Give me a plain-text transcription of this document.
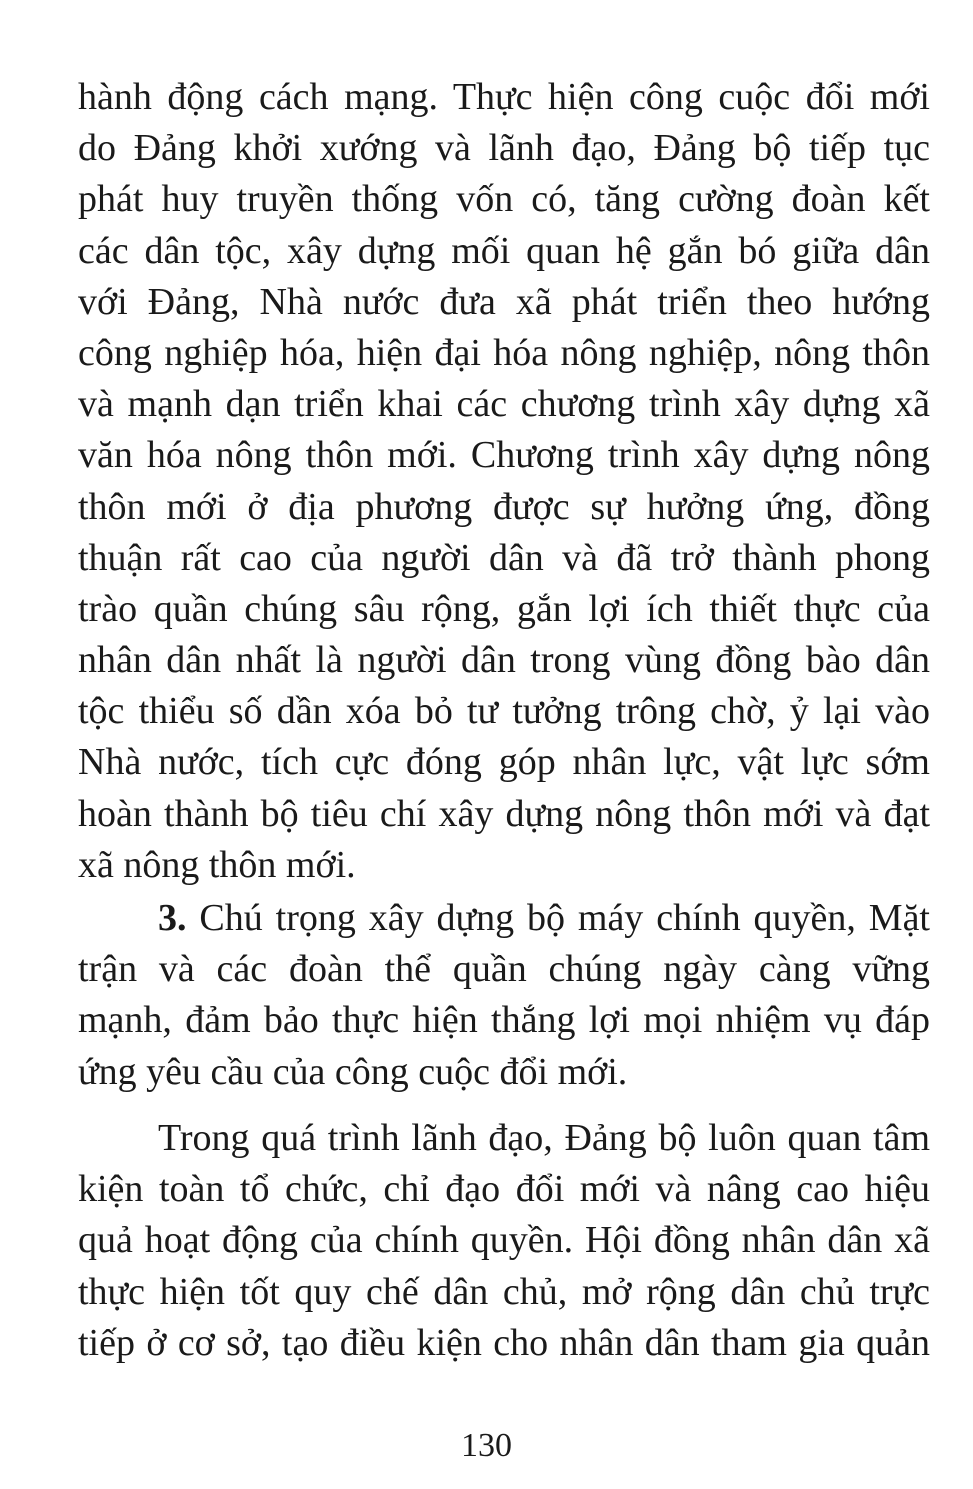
hành động cách mạng. Thực hiện công cuộc đổi mới
do Đảng khởi xướng và lãnh đạo, Đảng bộ tiếp tục
phát huy truyền thống vốn có, tăng cường đoàn kết
các dân tộc, xây dựng mối quan hệ gắn bó giữa dân
với Đảng, Nhà nước đưa xã phát triển theo hướng
công nghiệp hóa, hiện đại hóa nông nghiệp, nông thôn
và mạnh dạn triển khai các chương trình xây dựng xã
văn hóa nông thôn mới. Chương trình xây dựng nông
thôn mới ở địa phương được sự hưởng ứng, đồng
thuận rất cao của người dân và đã trở thành phong
trào quần chúng sâu rộng, gắn lợi ích thiết thực của
nhân dân nhất là người dân trong vùng đồng bào dân
tộc thiểu số dần xóa bỏ tư tưởng trông chờ, ỷ lại vào
Nhà nước, tích cực đóng góp nhân lực, vật lực sớm
hoàn thành bộ tiêu chí xây dựng nông thôn mới và đạt
xã nông thôn mới.
3. Chú trọng xây dựng bộ máy chính quyền, Mặt
trận và các đoàn thể quần chúng ngày càng vững
mạnh, đảm bảo thực hiện thắng lợi mọi nhiệm vụ đáp
ứng yêu cầu của công cuộc đổi mới.
Trong quá trình lãnh đạo, Đảng bộ luôn quan tâm
kiện toàn tổ chức, chỉ đạo đổi mới và nâng cao hiệu
quả hoạt động của chính quyền. Hội đồng nhân dân xã
thực hiện tốt quy chế dân chủ, mở rộng dân chủ trực
tiếp ở cơ sở, tạo điều kiện cho nhân dân tham gia quản
130
